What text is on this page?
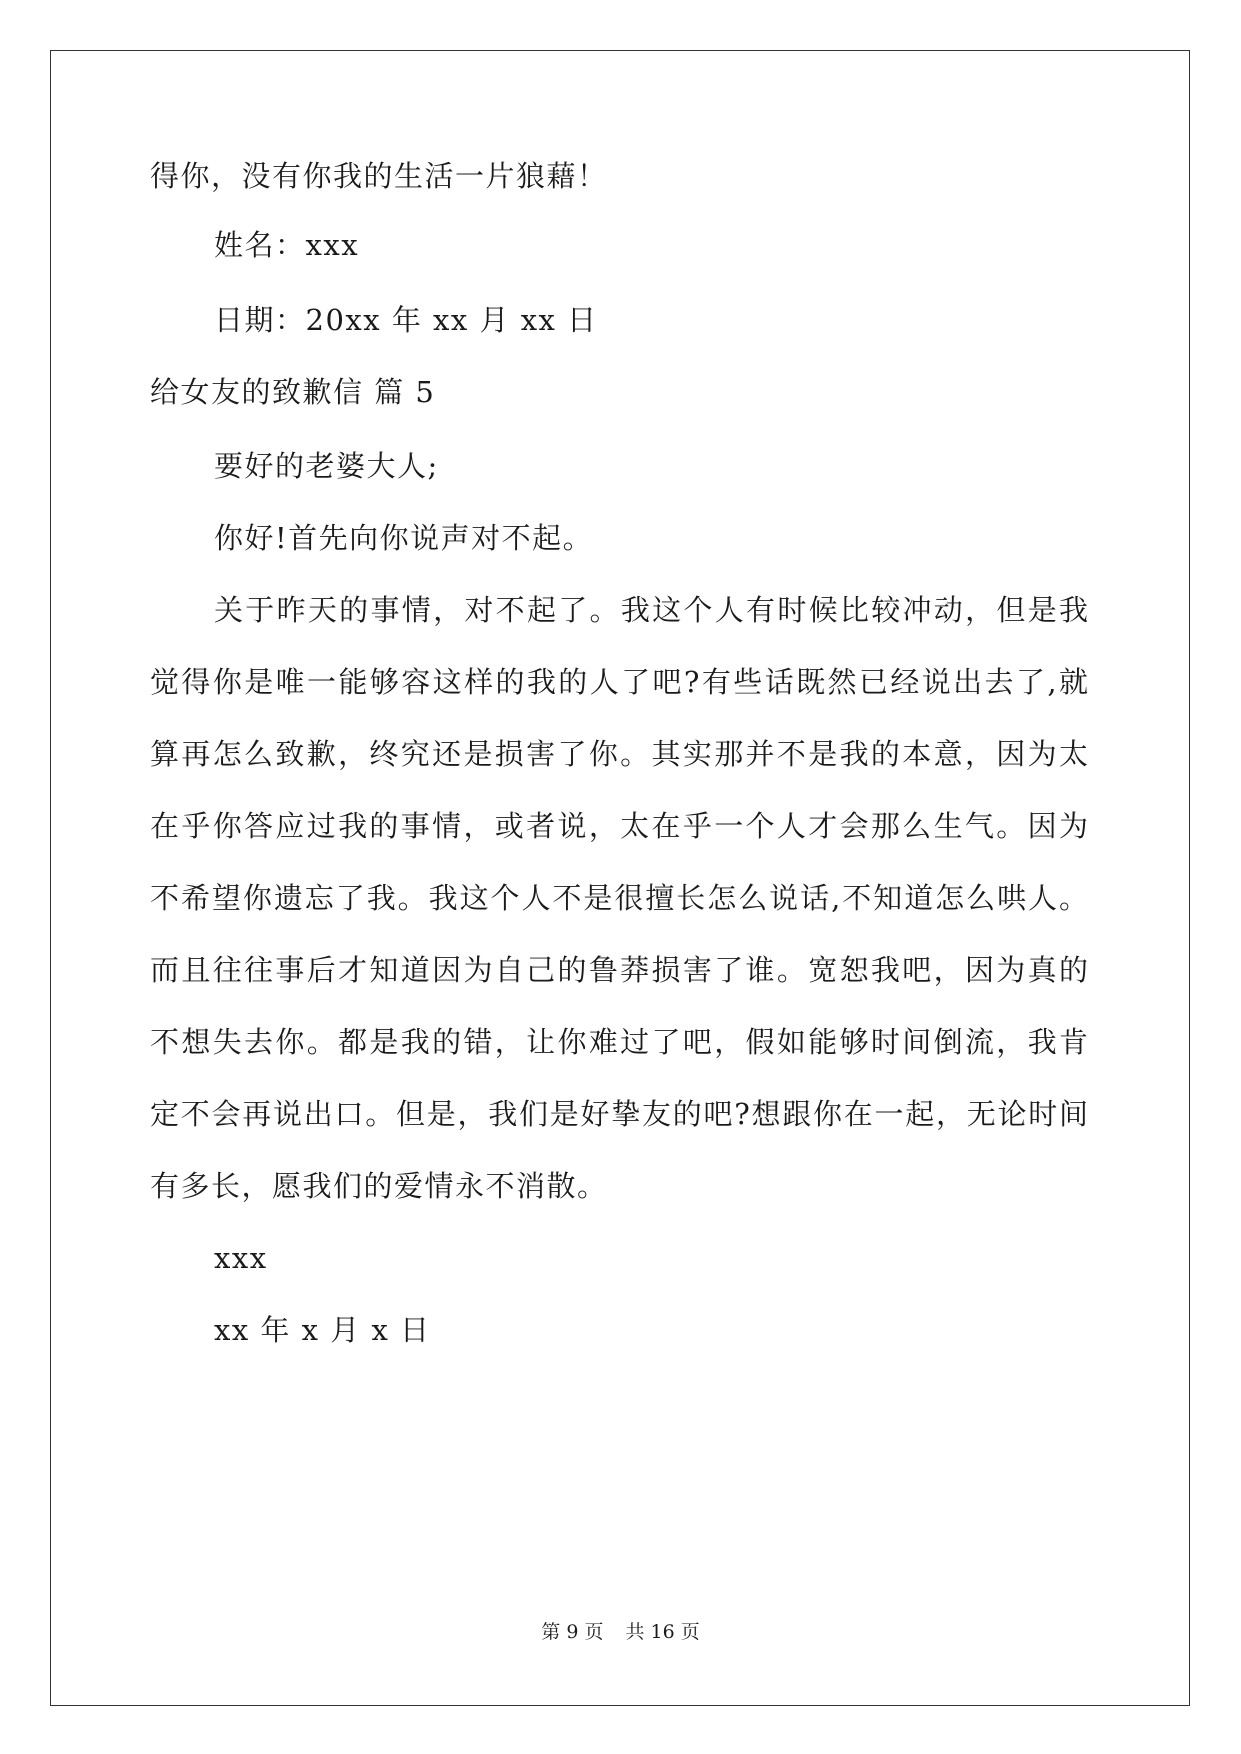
得你，没有你我的生活一片狼藉！
姓名：xxx
日期：20xx 年 xx 月 xx 日
给女友的致歉信 篇 5
要好的老婆大人;
你好!首先向你说声对不起。
关于昨天的事情，对不起了。我这个人有时候比较冲动，但是我
觉得你是唯一能够容这样的我的人了吧?有些话既然已经说出去了,就
算再怎么致歉，终究还是损害了你。其实那并不是我的本意，因为太
在乎你答应过我的事情，或者说，太在乎一个人才会那么生气。因为
不希望你遗忘了我。我这个人不是很擅长怎么说话,不知道怎么哄人。
而且往往事后才知道因为自己的鲁莽损害了谁。宽恕我吧，因为真的
不想失去你。都是我的错，让你难过了吧，假如能够时间倒流，我肯
定不会再说出口。但是，我们是好挚友的吧?想跟你在一起，无论时间
有多长，愿我们的爱情永不消散。
xxx
xx 年 x 月 x 日
第 9 页 共 16 页
